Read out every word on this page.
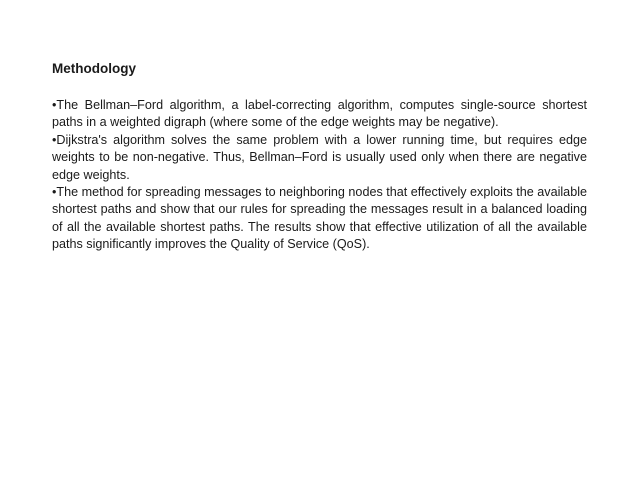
Methodology

•The Bellman–Ford algorithm, a label-correcting algorithm, computes single-source shortest paths in a weighted digraph (where some of the edge weights may be negative).

•Dijkstra's algorithm solves the same problem with a lower running time, but requires edge weights to be non-negative. Thus, Bellman–Ford is usually used only when there are negative edge weights.

•The method for spreading messages to neighboring nodes that effectively exploits the available shortest paths and show that our rules for spreading the messages result in a balanced loading of all the available shortest paths. The results show that effective utilization of all the available paths significantly improves the Quality of Service (QoS).
